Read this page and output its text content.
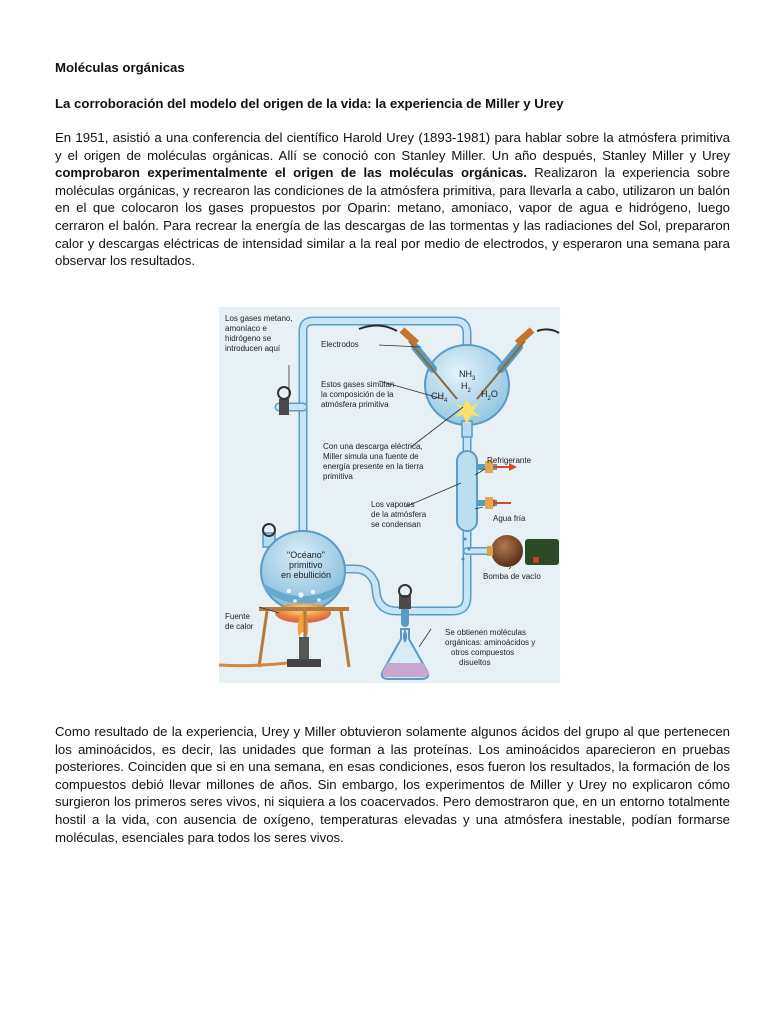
Moléculas orgánicas
La corroboración del modelo del origen de la vida: la experiencia de Miller y Urey
En 1951, asistió a una conferencia del científico Harold Urey (1893-1981) para hablar sobre la atmósfera primitiva y el origen de moléculas orgánicas. Allí se conoció con Stanley Miller. Un año después, Stanley Miller y Urey comprobaron experimentalmente el origen de las moléculas orgánicas. Realizaron la experiencia sobre moléculas orgánicas, y recrearon las condiciones de la atmósfera primitiva, para llevarla a cabo, utilizaron un balón en el que colocaron los gases propuestos por Oparin: metano, amoniaco, vapor de agua e hidrógeno, luego cerraron el balón. Para recrear la energía de las descargas de las tormentas y las radiaciones del Sol, prepararon calor y descargas eléctricas de intensidad similar a la real por medio de electrodos, y esperaron una semana para observar los resultados.
Los gases metano,
amoníaco e
hidrógeno se
introducen aquí	Electrodos
Estos gases simulan
la composición de la
atmósfera primitiva
Con una descarga eléctrica,
Miller simula una fuente de
energía presente en la tierra
primitiva
Los vapores
de la atmósfera
se condensan
Refrigerante
Agua fría
Bomba de vacío
"Océano"
primitivo
en ebullición
Fuente
de calor
Se obtienen moléculas
orgánicas: aminoácidos y
otros compuestos
disueltos
$NH_3$
$H_2$
$CH_4$
$H_2O$
Como resultado de la experiencia, Urey y Miller obtuvieron solamente algunos ácidos del grupo al que pertenecen los aminoácidos, es decir, las unidades que forman a las proteínas. Los aminoácidos aparecieron en pruebas posteriores. Coinciden que si en una semana, en esas condiciones, esos fueron los resultados, la formación de los compuestos debió llevar millones de años. Sin embargo, los experimentos de Miller y Urey no explicaron cómo surgieron los primeros seres vivos, ni siquiera a los coacervados. Pero demostraron que, en un entorno totalmente hostil a la vida, con ausencia de oxígeno, temperaturas elevadas y una atmósfera inestable, podían formarse moléculas, esenciales para todos los seres vivos.
